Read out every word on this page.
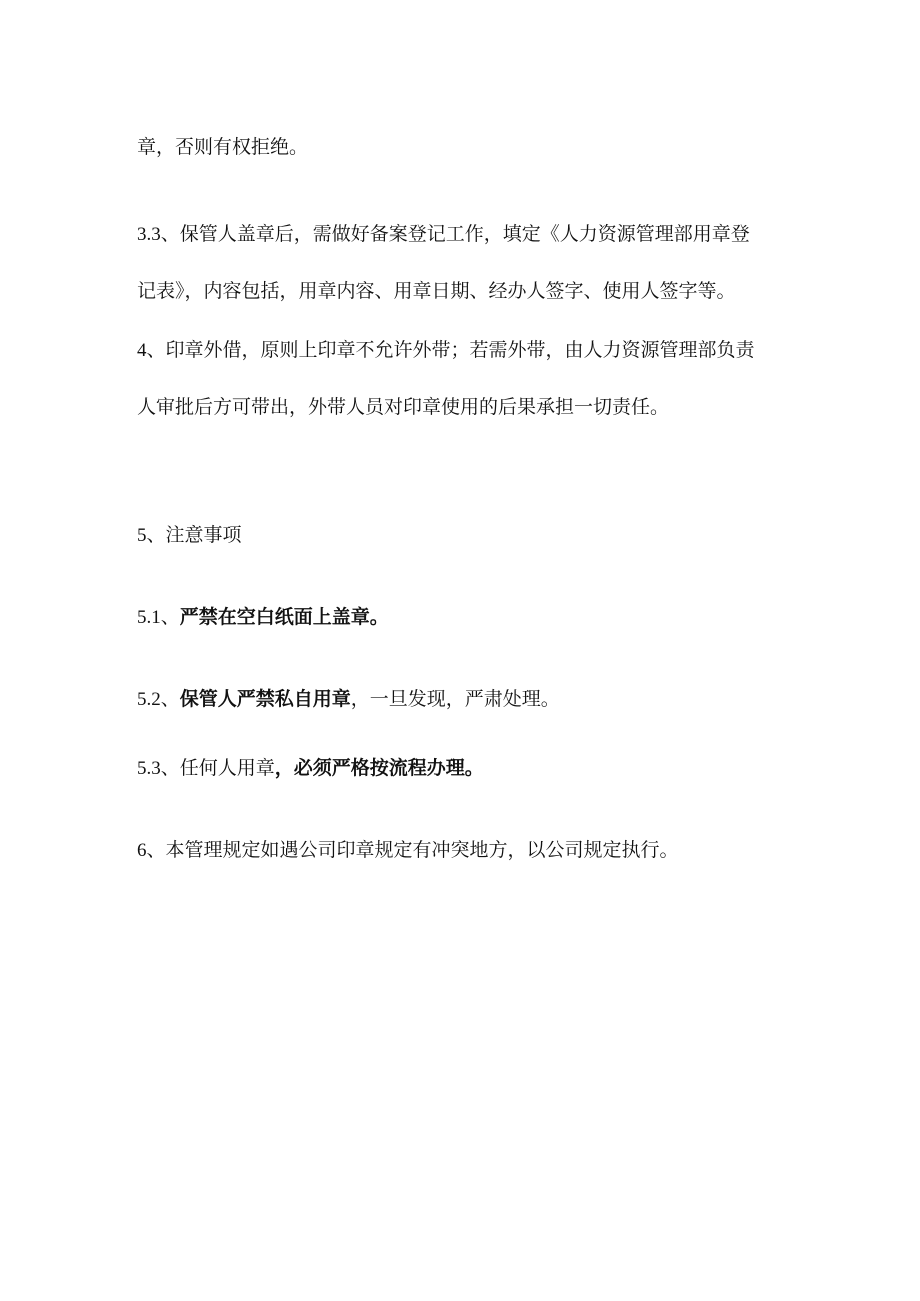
章，否则有权拒绝。

3.3、保管人盖章后，需做好备案登记工作，填定《人力资源管理部用章登
记表》，内容包括，用章内容、用章日期、经办人签字、使用人签字等。

4、印章外借，原则上印章不允许外带；若需外带，由人力资源管理部负责
人审批后方可带出，外带人员对印章使用的后果承担一切责任。

5、注意事项

5.1、严禁在空白纸面上盖章。

5.2、保管人严禁私自用章，一旦发现，严肃处理。

5.3、任何人用章，必须严格按流程办理。

6、本管理规定如遇公司印章规定有冲突地方，以公司规定执行。
